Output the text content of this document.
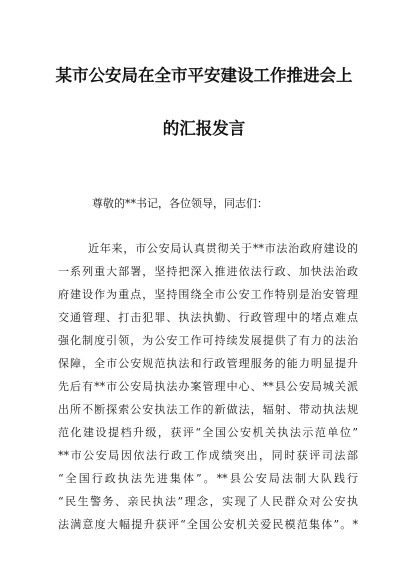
某市公安局在全市平安建设工作推进会上
的汇报发言
尊敬的**书记，各位领导，同志们：
近年来，市公安局认真贯彻关于**市法治政府建设的
一系列重大部署，坚持把深入推进依法行政、加快法治政
府建设作为重点，坚持围绕全市公安工作特别是治安管理
交通管理、打击犯罪、执法执勤、行政管理中的堵点难点
强化制度引领，为公安工作可持续发展提供了有力的法治
保障，全市公安规范执法和行政管理服务的能力明显提升
先后有**市公安局执法办案管理中心、**县公安局城关派
出所不断探索公安执法工作的新做法，辐射、带动执法规
范化建设提档升级，获评“全国公安机关执法示范单位”
**市公安局因依法行政工作成绩突出，同时获评司法部
“全国行政执法先进集体”。**县公安局法制大队践行
“民生警务、亲民执法”理念，实现了人民群众对公安执
法满意度大幅提升获评“全国公安机关爱民模范集体”。*
